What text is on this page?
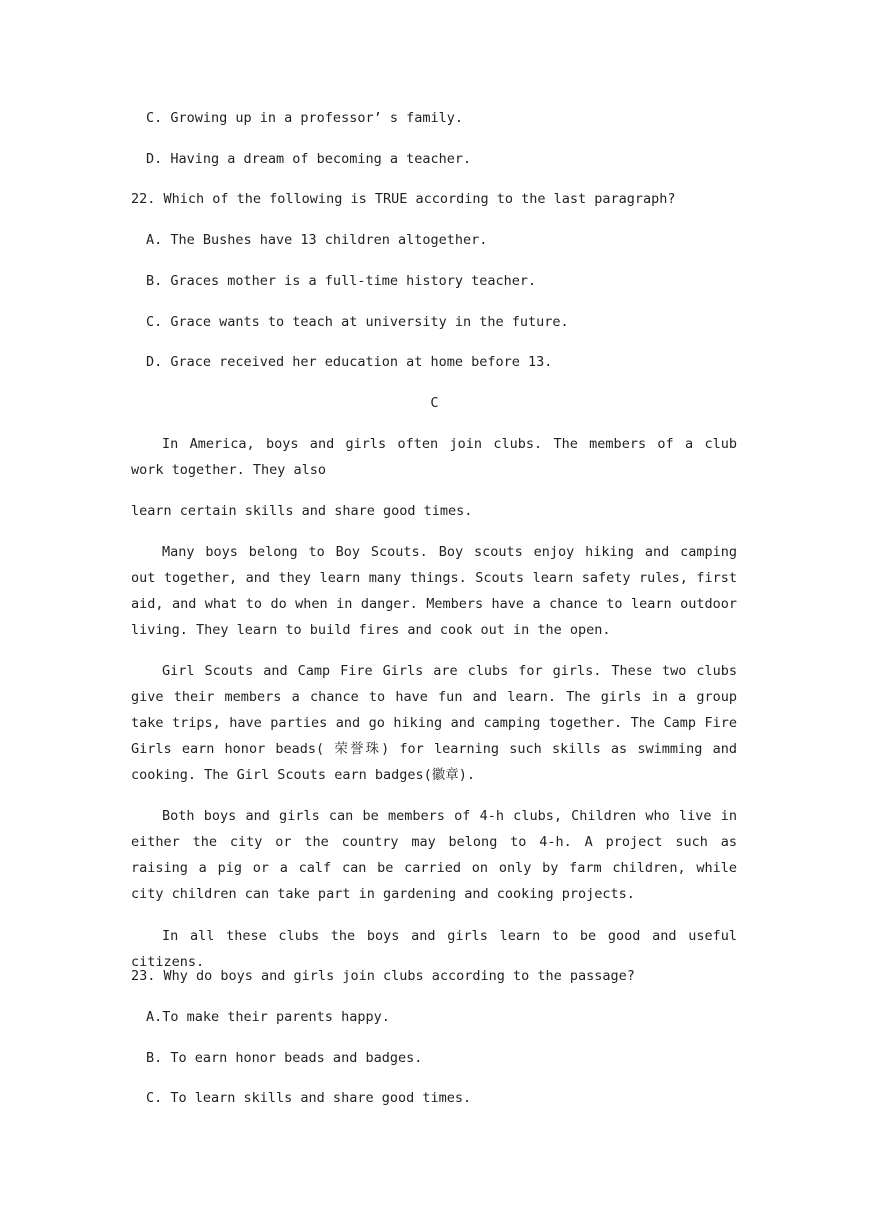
C. Growing up in a professor’ s family.
D. Having a dream of becoming a teacher.
22. Which of the following is TRUE according to the last paragraph?
A. The Bushes have 13 children altogether.
B. Graces mother is a full-time history teacher.
C. Grace wants to teach at university in the future.
D. Grace received her education at home before 13.
C
In America, boys and girls often join clubs. The members of a club work together. They also
learn certain skills and share good times.
Many boys belong to Boy Scouts. Boy scouts enjoy hiking and camping out together, and they learn many things. Scouts learn safety rules, first aid, and what to do when in danger. Members have a chance to learn outdoor living. They learn to build fires and cook out in the open.
Girl Scouts and Camp Fire Girls are clubs for girls. These two clubs give their members a chance to have fun and learn. The girls in a group take trips, have parties and go hiking and camping together. The Camp Fire Girls earn honor beads( 荣誉珠) for learning such skills as swimming and cooking. The Girl Scouts earn badges(徽章).
Both boys and girls can be members of 4-h clubs, Children who live in either the city or the country may belong to 4-h. A project such as raising a pig or a calf can be carried on only by farm children, while city children can take part in gardening and cooking projects.
In all these clubs the boys and girls learn to be good and useful citizens.
23. Why do boys and girls join clubs according to the passage?
A.To make their parents happy.
B. To earn honor beads and badges.
C. To learn skills and share good times.
